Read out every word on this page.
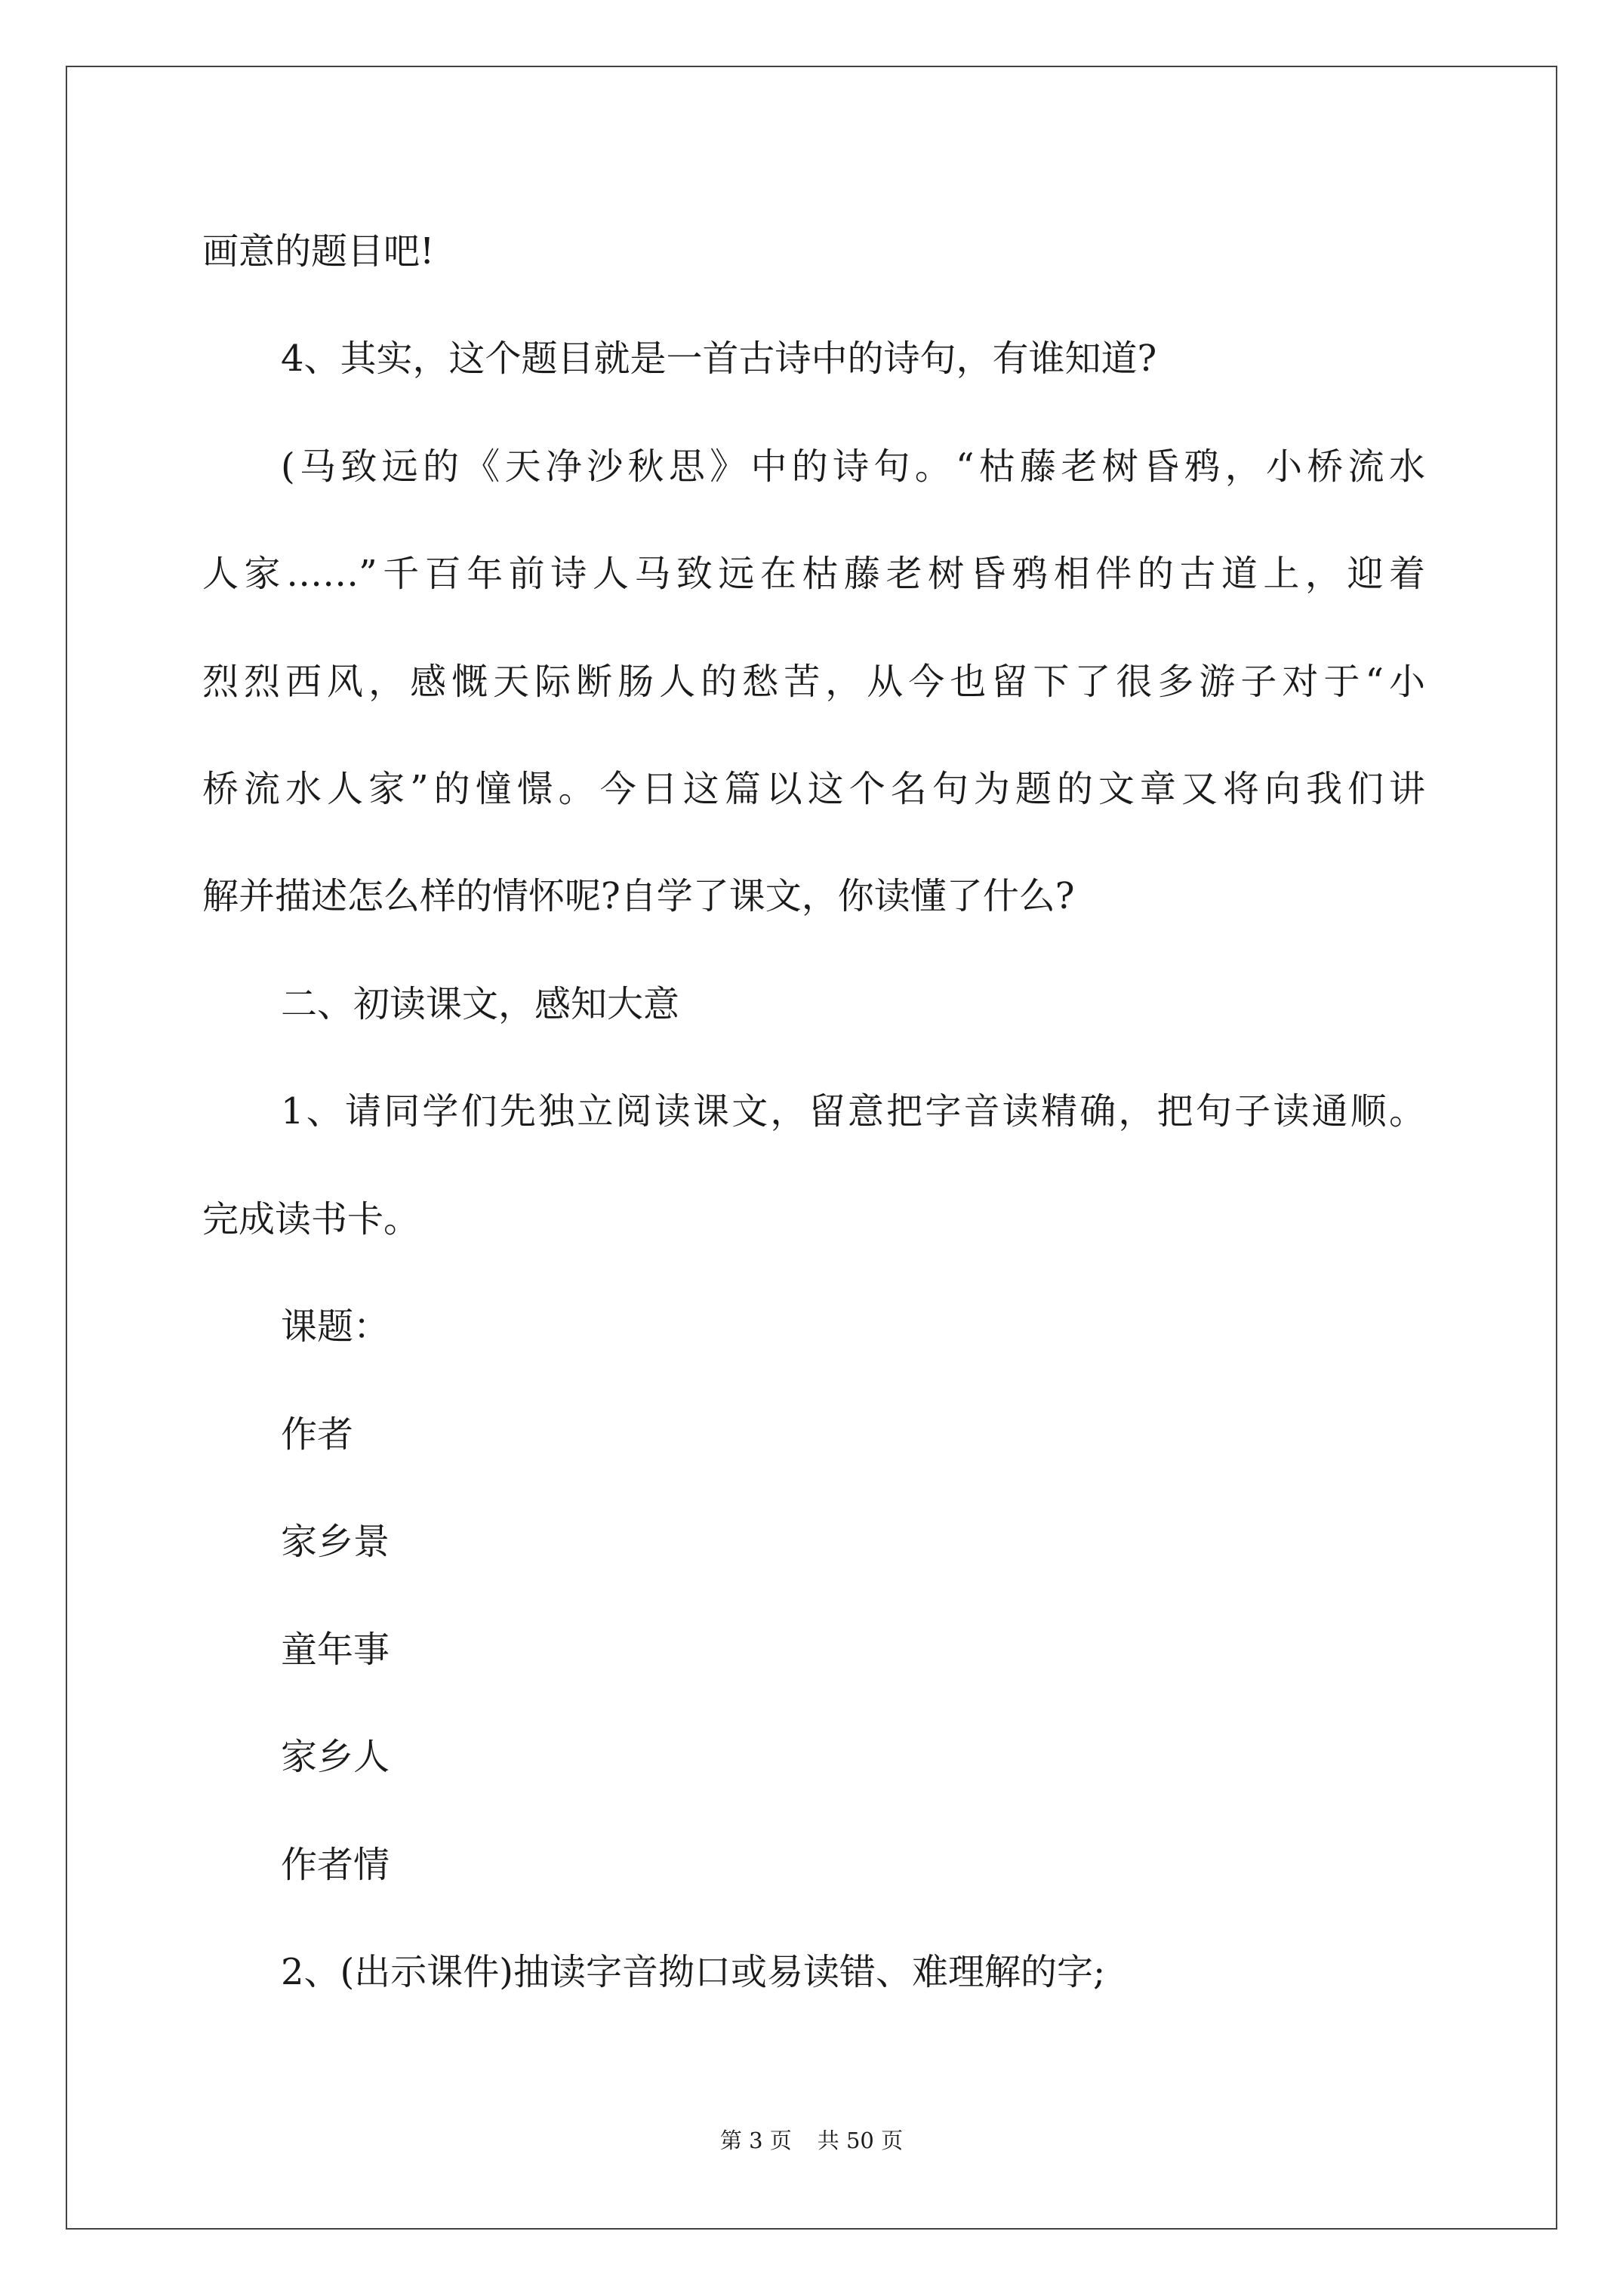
画意的题目吧!
4、其实，这个题目就是一首古诗中的诗句，有谁知道?
(马致远的《天净沙秋思》中的诗句。“枯藤老树昏鸦，小桥流水
人家……”千百年前诗人马致远在枯藤老树昏鸦相伴的古道上，迎着
烈烈西风，感慨天际断肠人的愁苦，从今也留下了很多游子对于“小
桥流水人家”的憧憬。今日这篇以这个名句为题的文章又将向我们讲
解并描述怎么样的情怀呢?自学了课文，你读懂了什么?
二、初读课文，感知大意
1、请同学们先独立阅读课文，留意把字音读精确，把句子读通顺。
完成读书卡。
课题：
作者
家乡景
童年事
家乡人
作者情
2、(出示课件)抽读字音拗口或易读错、难理解的字;
第 3 页 共 50 页
